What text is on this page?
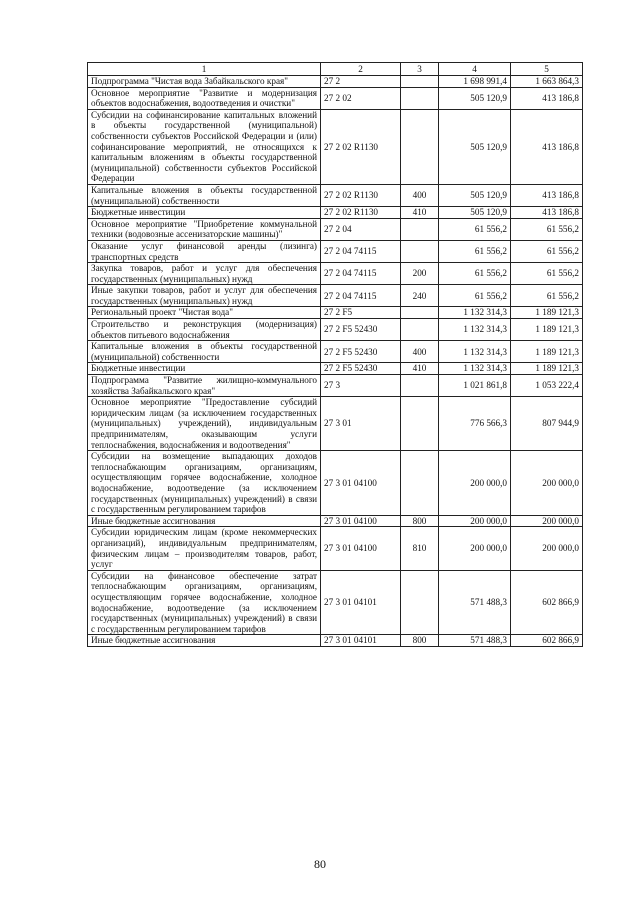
1	2	3	4	5
Подпрограмма "Чистая вода Забайкальского края"	27 2		1 698 991,4	1 663 864,3
Основное мероприятие "Развитие и модернизация объектов водоснабжения, водоотведения и очистки"	27 2 02		505 120,9	413 186,8
Субсидии на софинансирование капитальных вложений в объекты государственной (муниципальной) собственности субъектов Российской Федерации и (или) софинансирование мероприятий, не относящихся к капитальным вложениям в объекты государственной (муниципальной) собственности субъектов Российской Федерации	27 2 02 R1130		505 120,9	413 186,8
Капитальные вложения в объекты государственной (муниципальной) собственности	27 2 02 R1130	400	505 120,9	413 186,8
Бюджетные инвестиции	27 2 02 R1130	410	505 120,9	413 186,8
Основное мероприятие "Приобретение коммунальной техники (водовозные ассенизаторские машины)"	27 2 04		61 556,2	61 556,2
Оказание услуг финансовой аренды (лизинга) транспортных средств	27 2 04 74115		61 556,2	61 556,2
Закупка товаров, работ и услуг для обеспечения государственных (муниципальных) нужд	27 2 04 74115	200	61 556,2	61 556,2
Иные закупки товаров, работ и услуг для обеспечения государственных (муниципальных) нужд	27 2 04 74115	240	61 556,2	61 556,2
Региональный проект "Чистая вода"	27 2 F5		1 132 314,3	1 189 121,3
Строительство и реконструкция (модернизация) объектов питьевого водоснабжения	27 2 F5 52430		1 132 314,3	1 189 121,3
Капитальные вложения в объекты государственной (муниципальной) собственности	27 2 F5 52430	400	1 132 314,3	1 189 121,3
Бюджетные инвестиции	27 2 F5 52430	410	1 132 314,3	1 189 121,3
Подпрограмма "Развитие жилищно-коммунального хозяйства Забайкальского края"	27 3		1 021 861,8	1 053 222,4
Основное мероприятие "Предоставление субсидий юридическим лицам (за исключением государственных (муниципальных) учреждений), индивидуальным предпринимателям, оказывающим услуги теплоснабжения, водоснабжения и водоотведения"	27 3 01		776 566,3	807 944,9
Субсидии на возмещение выпадающих доходов теплоснабжающим организациям, организациям, осуществляющим горячее водоснабжение, холодное водоснабжение, водоотведение (за исключением государственных (муниципальных) учреждений) в связи с государственным регулированием тарифов	27 3 01 04100		200 000,0	200 000,0
Иные бюджетные ассигнования	27 3 01 04100	800	200 000,0	200 000,0
Субсидии юридическим лицам (кроме некоммерческих организаций), индивидуальным предпринимателям, физическим лицам – производителям товаров, работ, услуг	27 3 01 04100	810	200 000,0	200 000,0
Субсидии на финансовое обеспечение затрат теплоснабжающим организациям, организациям, осуществляющим горячее водоснабжение, холодное водоснабжение, водоотведение (за исключением государственных (муниципальных) учреждений) в связи с государственным регулированием тарифов	27 3 01 04101		571 488,3	602 866,9
Иные бюджетные ассигнования	27 3 01 04101	800	571 488,3	602 866,9
80
